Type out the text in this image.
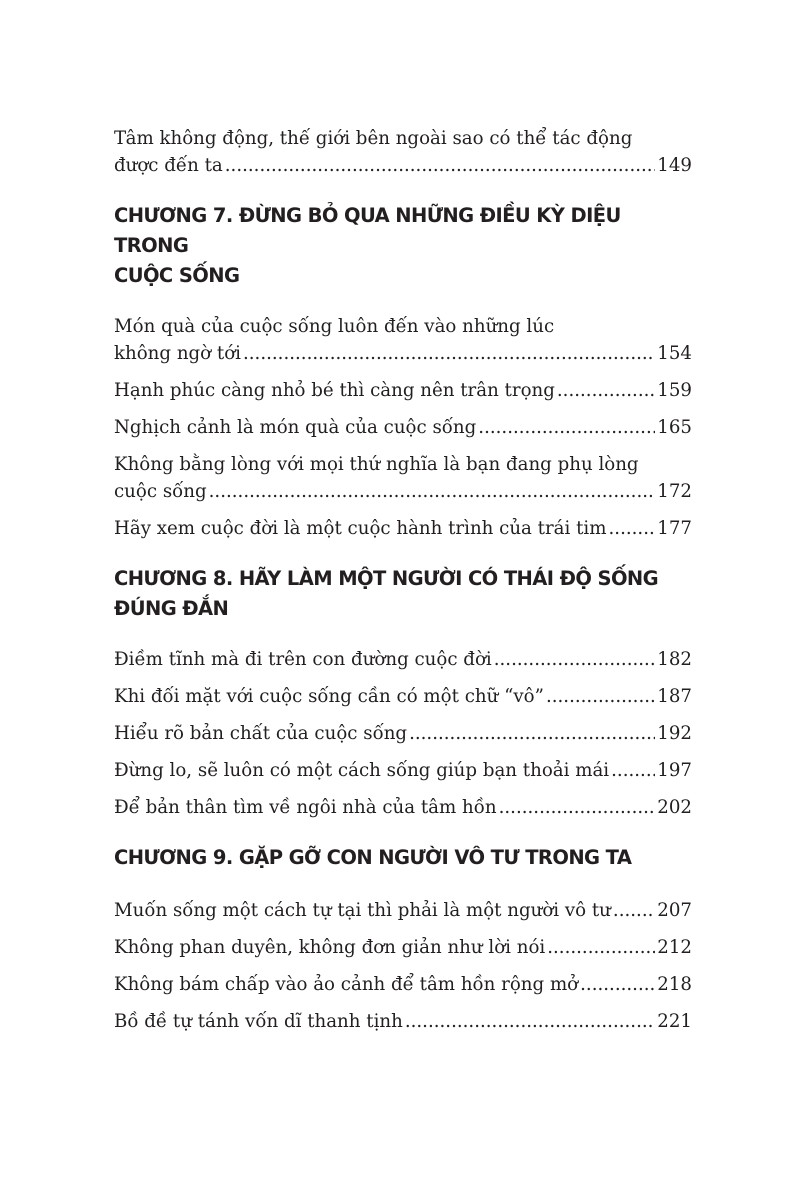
Tâm không động, thế giới bên ngoài sao có thể tác động
được đến ta .....	149
CHƯƠNG 7. ĐỪNG BỎ QUA NHỮNG ĐIỀU KỲ DIỆU TRONG
CUỘC SỐNG
Món quà của cuộc sống luôn đến vào những lúc
không ngờ tới .....	154
Hạnh phúc càng nhỏ bé thì càng nên trân trọng .....	159
Nghịch cảnh là món quà của cuộc sống .....	165
Không bằng lòng với mọi thứ nghĩa là bạn đang phụ lòng
cuộc sống .....	172
Hãy xem cuộc đời là một cuộc hành trình của trái tim .....	177
CHƯƠNG 8. HÃY LÀM MỘT NGƯỜI CÓ THÁI ĐỘ SỐNG
ĐÚNG ĐẮN
Điềm tĩnh mà đi trên con đường cuộc đời .....	182
Khi đối mặt với cuộc sống cần có một chữ “vô” .....	187
Hiểu rõ bản chất của cuộc sống .....	192
Đừng lo, sẽ luôn có một cách sống giúp bạn thoải mái .....	197
Để bản thân tìm về ngôi nhà của tâm hồn .....	202
CHƯƠNG 9. GẶP GỠ CON NGƯỜI VÔ TƯ TRONG TA
Muốn sống một cách tự tại thì phải là một người vô tư .....	207
Không phan duyên, không đơn giản như lời nói .....	212
Không bám chấp vào ảo cảnh để tâm hồn rộng mở .....	218
Bồ đề tự tánh vốn dĩ thanh tịnh .....	221
